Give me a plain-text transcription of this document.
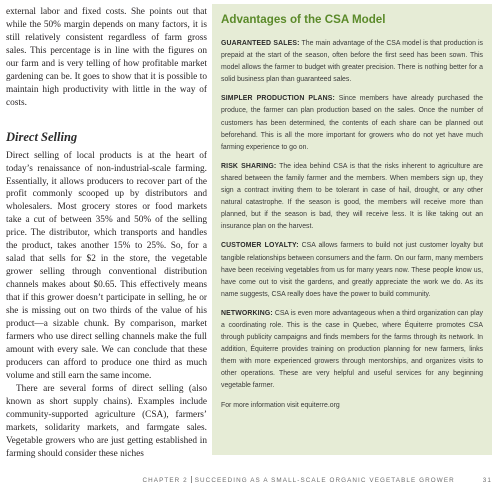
external labor and fixed costs. She points out that while the 50% margin depends on many factors, it is still relatively consistent regardless of farm gross sales. This percentage is in line with the figures on our farm and is very telling of how profitable market gardening can be. It goes to show that it is possible to maintain high productivity with little in the way of costs.

Direct Selling

Direct selling of local products is at the heart of today’s renaissance of non-industrial-scale farming. Essentially, it allows producers to recover part of the profit commonly scooped up by distributors and wholesalers. Most grocery stores or food markets take a cut of between 35% and 50% of the selling price. The distributor, which transports and handles the product, takes another 15% to 25%. So, for a salad that sells for $2 in the store, the vegetable grower selling through conventional distribution channels makes about $0.65. This effectively means that if this grower doesn’t participate in selling, he or she is missing out on two thirds of the value of his product—a sizable chunk. By comparison, market farmers who use direct selling channels make the full amount with every sale. We can conclude that these producers can afford to produce one third as much volume and still earn the same income.

There are several forms of direct selling (also known as short supply chains). Examples include community-supported agriculture (CSA), farmers’ markets, solidarity markets, and farmgate sales. Vegetable growers who are just getting established in farming should consider these niches

Advantages of the CSA Model
GUARANTEED SALES: The main advantage of the CSA model is that production is prepaid at the start of the season, often before the first seed has been sown. This model allows the farmer to budget with greater precision. There is nothing better for a solid business plan than guaranteed sales.
SIMPLER PRODUCTION PLANS: Since members have already purchased the produce, the farmer can plan production based on the sales. Once the number of customers has been determined, the contents of each share can be planned out beforehand. This is all the more important for growers who do not yet have much farming experience to go on.
RISK SHARING: The idea behind CSA is that the risks inherent to agriculture are shared between the family farmer and the members. When members sign up, they sign a contract inviting them to be tolerant in case of hail, drought, or any other natural catastrophe. If the season is good, the members will receive more than planned, but if the season is bad, they will receive less. It is like taking out an insurance plan on the harvest.
CUSTOMER LOYALTY: CSA allows farmers to build not just customer loyalty but tangible relationships between consumers and the farm. On our farm, many members have been receiving vegetables from us for many years now. These people know us, have come out to visit the gardens, and greatly appreciate the work we do. As its name suggests, CSA really does have the power to build community.
NETWORKING: CSA is even more advantageous when a third organization can play a coordinating role. This is the case in Quebec, where Équiterre promotes CSA through publicity campaigns and finds members for the farms through its network. In addition, Équiterre provides training on production planning for new farmers, links them with more experienced growers through mentorships, and organizes visits to other operations. These are very helpful and useful services for any beginning vegetable farmer.
For more information visit equiterre.org
CHAPTER 2 SUCCEEDING AS A SMALL-SCALE ORGANIC VEGETABLE GROWER	31
